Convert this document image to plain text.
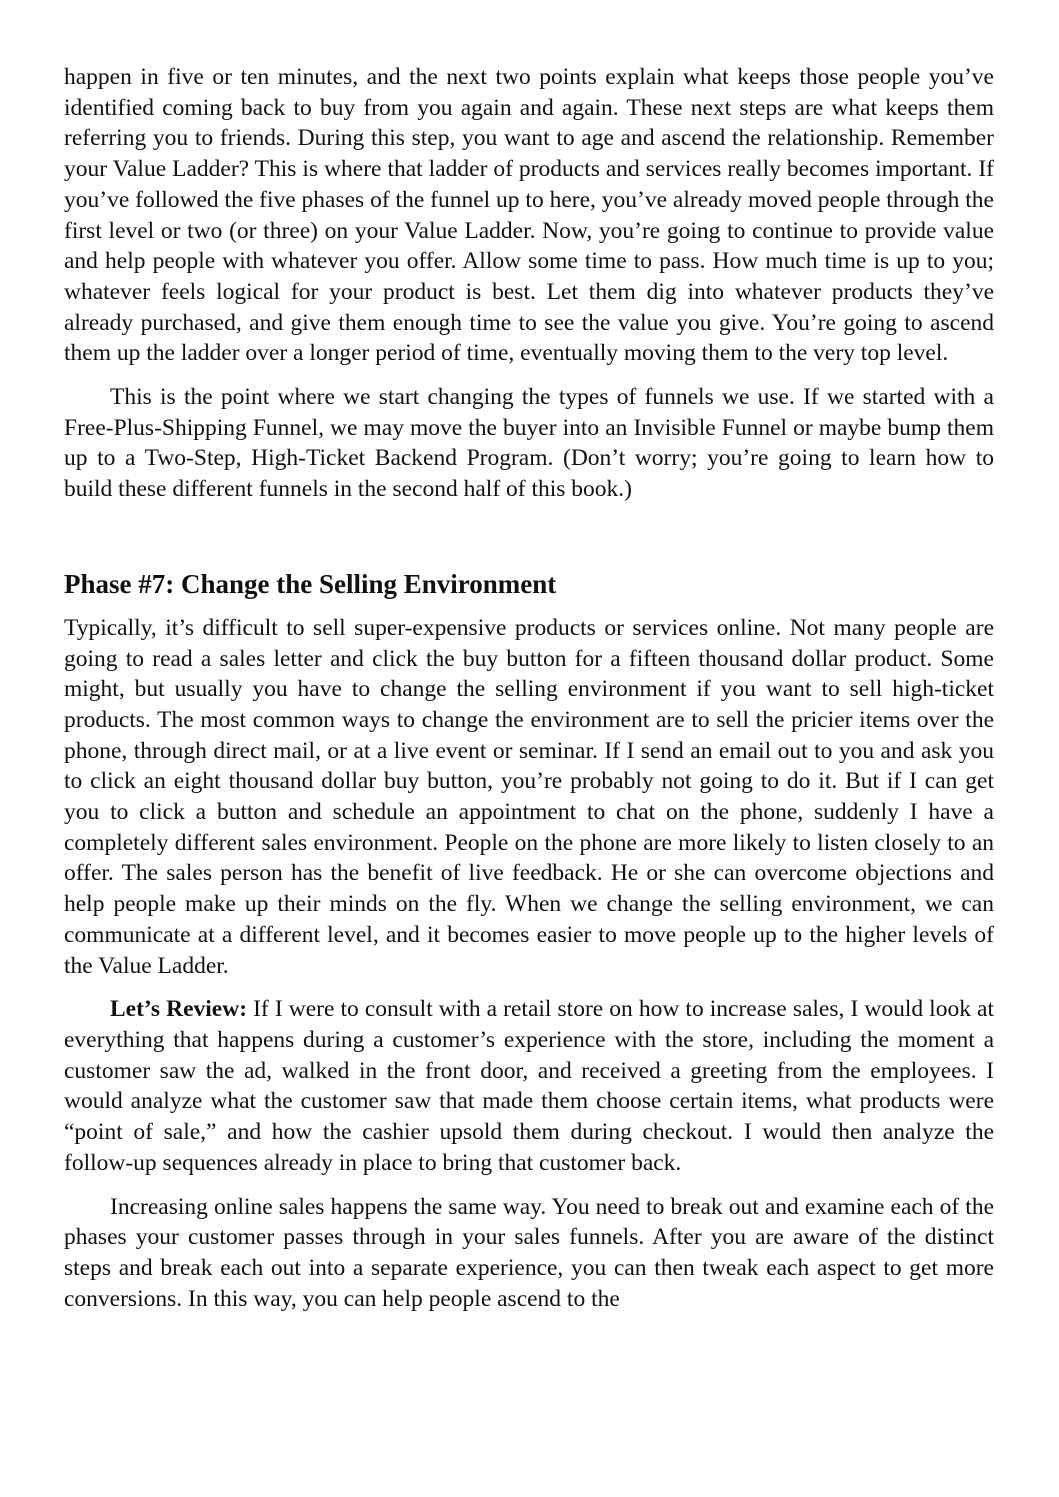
happen in five or ten minutes, and the next two points explain what keeps those people you’ve identified coming back to buy from you again and again. These next steps are what keeps them referring you to friends. During this step, you want to age and ascend the relationship. Remember your Value Ladder? This is where that ladder of products and services really becomes important. If you’ve followed the five phases of the funnel up to here, you’ve already moved people through the first level or two (or three) on your Value Ladder. Now, you’re going to continue to provide value and help people with whatever you offer. Allow some time to pass. How much time is up to you; whatever feels logical for your product is best. Let them dig into whatever products they’ve already purchased, and give them enough time to see the value you give. You’re going to ascend them up the ladder over a longer period of time, eventually moving them to the very top level.

This is the point where we start changing the types of funnels we use. If we started with a Free-Plus-Shipping Funnel, we may move the buyer into an Invisible Funnel or maybe bump them up to a Two-Step, High-Ticket Backend Program. (Don’t worry; you’re going to learn how to build these different funnels in the second half of this book.)

Phase #7: Change the Selling Environment

Typically, it’s difficult to sell super-expensive products or services online. Not many people are going to read a sales letter and click the buy button for a fifteen thousand dollar product. Some might, but usually you have to change the selling environment if you want to sell high-ticket products. The most common ways to change the environment are to sell the pricier items over the phone, through direct mail, or at a live event or seminar. If I send an email out to you and ask you to click an eight thousand dollar buy button, you’re probably not going to do it. But if I can get you to click a button and schedule an appointment to chat on the phone, suddenly I have a completely different sales environment. People on the phone are more likely to listen closely to an offer. The sales person has the benefit of live feedback. He or she can overcome objections and help people make up their minds on the fly. When we change the selling environment, we can communicate at a different level, and it becomes easier to move people up to the higher levels of the Value Ladder.

Let’s Review: If I were to consult with a retail store on how to increase sales, I would look at everything that happens during a customer’s experience with the store, including the moment a customer saw the ad, walked in the front door, and received a greeting from the employees. I would analyze what the customer saw that made them choose certain items, what products were “point of sale,” and how the cashier upsold them during checkout. I would then analyze the follow-up sequences already in place to bring that customer back.

Increasing online sales happens the same way. You need to break out and examine each of the phases your customer passes through in your sales funnels. After you are aware of the distinct steps and break each out into a separate experience, you can then tweak each aspect to get more conversions. In this way, you can help people ascend to the
